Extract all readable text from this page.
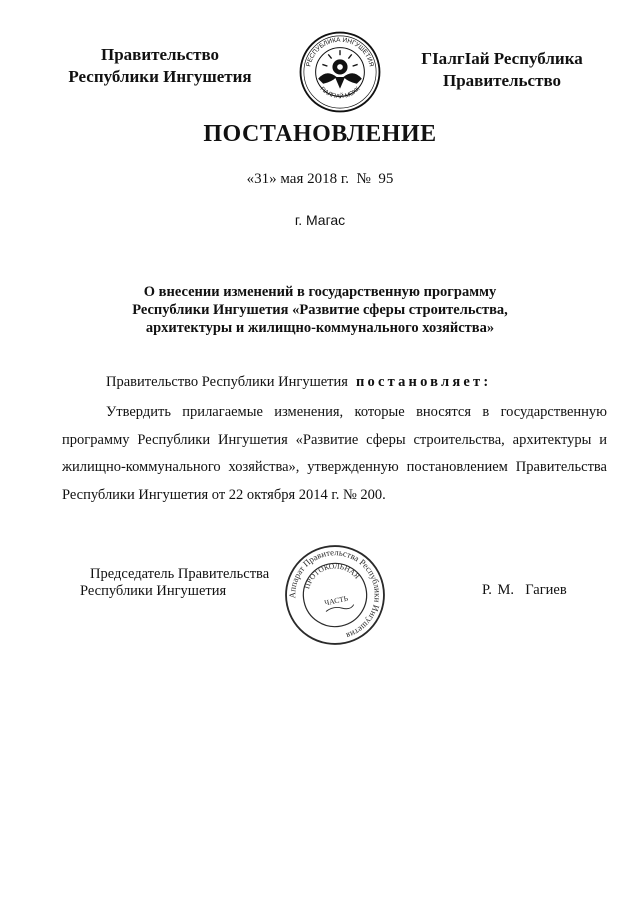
Правительство
Республики Ингушетия
РЕСПУБЛИКА ИНГУШЕТИЯ
ГIАЛГIАЙ МОХК
ГIалгIай Республика
Правительство
ПОСТАНОВЛЕНИЕ
«31» мая 2018 г.  №  95
г. Магас
О внесении изменений в государственную программу
Республики Ингушетия «Развитие сферы строительства,
архитектуры и жилищно-коммунального хозяйства»
Правительство Республики Ингушетия постановляет:
Утвердить прилагаемые изменения, которые вносятся в государственную программу Республики Ингушетия «Развитие сферы строительства, архитектуры и жилищно-коммунального хозяйства», утвержденную постановлением Правительства Республики Ингушетия от 22 октября 2014 г. № 200.
Председатель Правительства
Республики Ингушетия	Аппарат Правительства Республики Ингушетия
ПРОТОКОЛЬНАЯ
ЧАСТЬ
Р. М.  Гагиев
